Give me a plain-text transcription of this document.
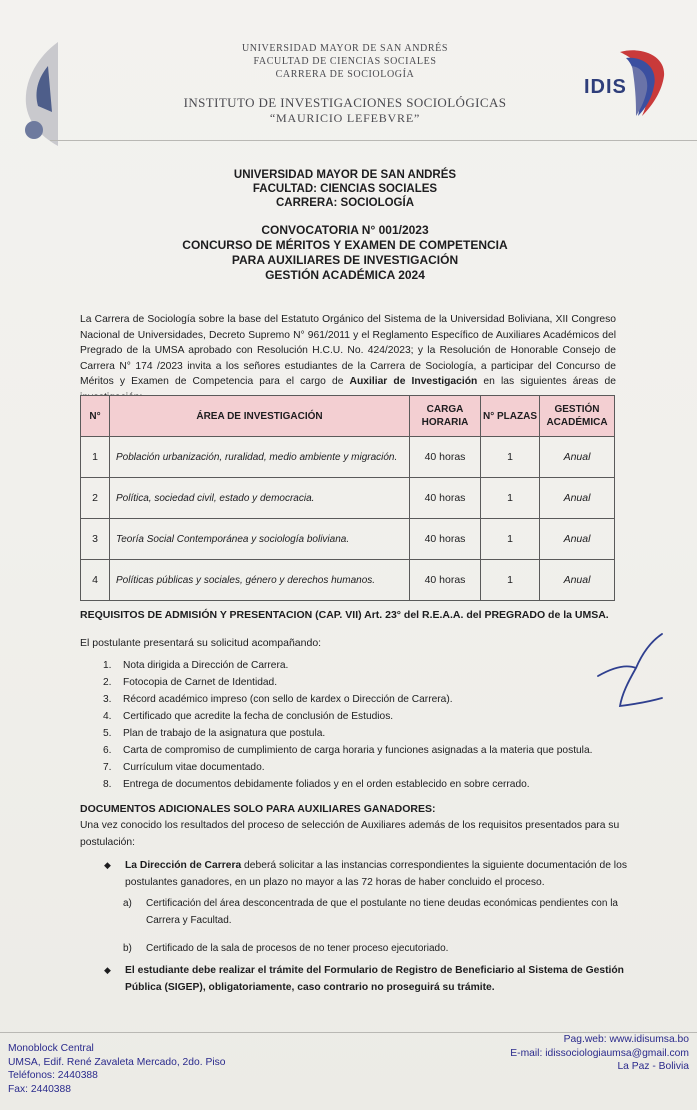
UNIVERSIDAD MAYOR DE SAN ANDRÉS
FACULTAD DE CIENCIAS SOCIALES
CARRERA DE SOCIOLOGÍA
INSTITUTO DE INVESTIGACIONES SOCIOLÓGICAS
“MAURICIO LEFEBVRE”
IDIS
UNIVERSIDAD MAYOR DE SAN ANDRÉS
FACULTAD: CIENCIAS SOCIALES
CARRERA: SOCIOLOGÍA
CONVOCATORIA N° 001/2023
CONCURSO DE MÉRITOS Y EXAMEN DE COMPETENCIA
PARA AUXILIARES DE INVESTIGACIÓN
GESTIÓN ACADÉMICA 2024
La Carrera de Sociología sobre la base del Estatuto Orgánico del Sistema de la Universidad Boliviana, XII Congreso Nacional de Universidades, Decreto Supremo N° 961/2011 y el Reglamento Específico de Auxiliares Académicos del Pregrado de la UMSA aprobado con Resolución H.C.U. No. 424/2023; y la Resolución de Honorable Consejo de Carrera N° 174 /2023 invita a los señores estudiantes de la Carrera de Sociología, a participar del Concurso de Méritos y Examen de Competencia para el cargo de Auxiliar de Investigación en las siguientes áreas de
N°	ÁREA DE INVESTIGACIÓN	CARGA HORARIA	N° PLAZAS	GESTIÓN ACADÉMICA
1	Población urbanización, ruralidad, medio ambiente y migración.	40 horas	1	Anual
2	Política, sociedad civil, estado y democracia.	40 horas	1	Anual
3	Teoría Social Contemporánea y sociología boliviana.	40 horas	1	Anual
4	Políticas públicas y sociales, género y derechos humanos.	40 horas	1	Anual
REQUISITOS DE ADMISIÓN Y PRESENTACION (CAP. VII) Art. 23° del R.E.A.A. del PREGRADO de la UMSA.
El postulante presentará su solicitud acompañando:
1. Nota dirigida a Dirección de Carrera.
2. Fotocopia de Carnet de Identidad.
3. Récord académico impreso (con sello de kardex o Dirección de Carrera).
4. Certificado que acredite la fecha de conclusión de Estudios.
5. Plan de trabajo de la asignatura que postula.
6. Carta de compromiso de cumplimiento de carga horaria y funciones asignadas a la materia que postula.
7. Currículum vitae documentado.
8. Entrega de documentos debidamente foliados y en el orden establecido en sobre cerrado.
DOCUMENTOS ADICIONALES SOLO PARA AUXILIARES GANADORES:
Una vez conocido los resultados del proceso de selección de Auxiliares además de los requisitos presentados para su postulación:
◆	La Dirección de Carrera deberá solicitar a las instancias correspondientes la siguiente documentación de los postulantes ganadores, en un plazo no mayor a las 72 horas de haber concluido el proceso.
a)	Certificación del área desconcentrada de que el postulante no tiene deudas económicas pendientes con la Carrera y Facultad.
b)	Certificado de la sala de procesos de no tener proceso ejecutoriado.
◆	El estudiante debe realizar el trámite del Formulario de Registro de Beneficiario al Sistema de Gestión Pública (SIGEP), obligatoriamente, caso contrario no proseguirá su trámite.
Monoblock Central
UMSA, Edif. René Zavaleta Mercado, 2do. Piso
Teléfonos: 2440388
Fax: 2440388
Pag.web: www.idisumsa.bo
E-mail: idissociologiaumsa@gmail.com
La Paz - Bolivia
